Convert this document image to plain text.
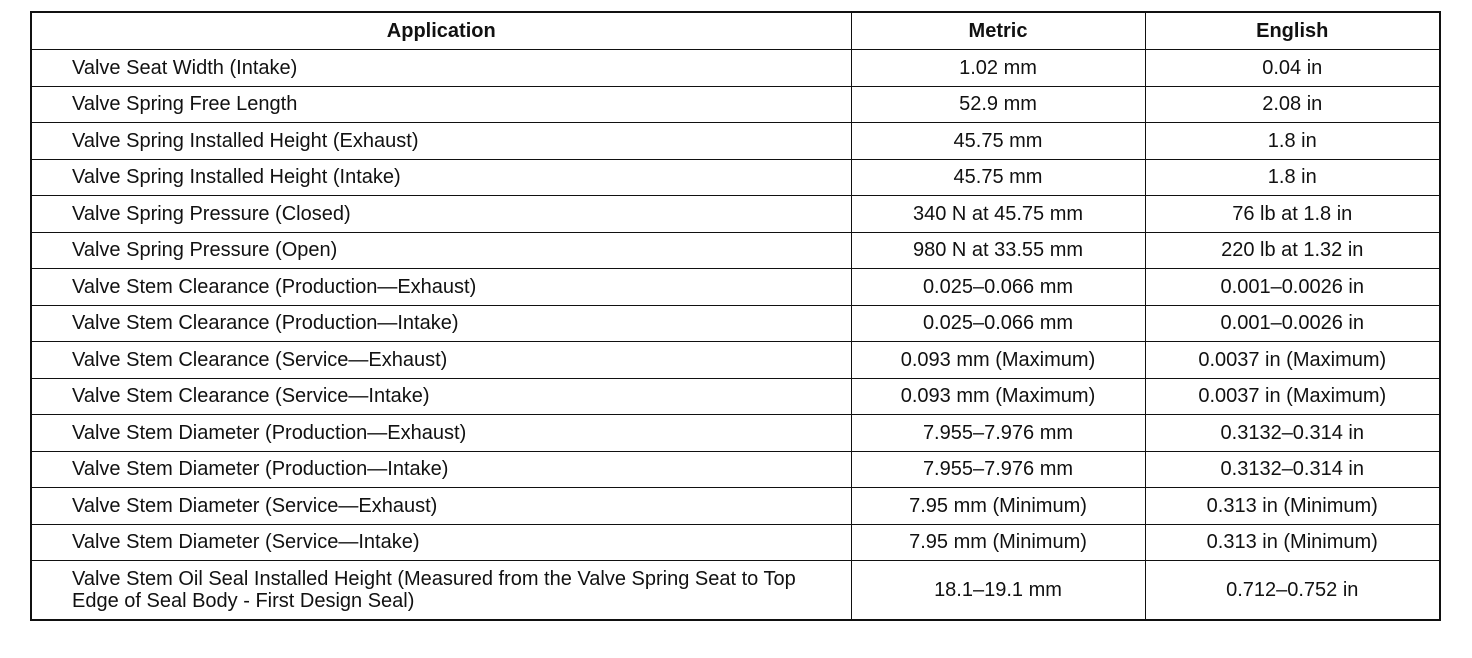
Application	Metric	English
Valve Seat Width (Intake)	1.02 mm	0.04 in
Valve Spring Free Length	52.9 mm	2.08 in
Valve Spring Installed Height (Exhaust)	45.75 mm	1.8 in
Valve Spring Installed Height (Intake)	45.75 mm	1.8 in
Valve Spring Pressure (Closed)	340 N at 45.75 mm	76 lb at 1.8 in
Valve Spring Pressure (Open)	980 N at 33.55 mm	220 lb at 1.32 in
Valve Stem Clearance (Production—Exhaust)	0.025–0.066 mm	0.001–0.0026 in
Valve Stem Clearance (Production—Intake)	0.025–0.066 mm	0.001–0.0026 in
Valve Stem Clearance (Service—Exhaust)	0.093 mm (Maximum)	0.0037 in (Maximum)
Valve Stem Clearance (Service—Intake)	0.093 mm (Maximum)	0.0037 in (Maximum)
Valve Stem Diameter (Production—Exhaust)	7.955–7.976 mm	0.3132–0.314 in
Valve Stem Diameter (Production—Intake)	7.955–7.976 mm	0.3132–0.314 in
Valve Stem Diameter (Service—Exhaust)	7.95 mm (Minimum)	0.313 in (Minimum)
Valve Stem Diameter (Service—Intake)	7.95 mm (Minimum)	0.313 in (Minimum)
Valve Stem Oil Seal Installed Height (Measured from the Valve Spring Seat to Top Edge of Seal Body - First Design Seal)	18.1–19.1 mm	0.712–0.752 in
